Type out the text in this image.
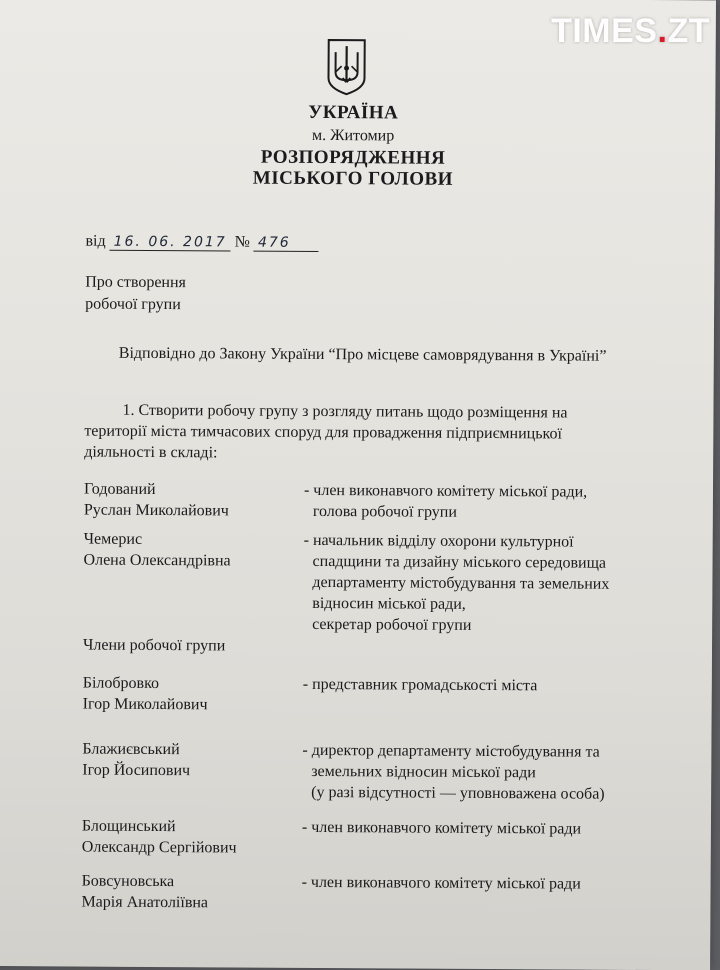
УКРАЇНА
м. Житомир
РОЗПОРЯДЖЕННЯ
МІСЬКОГО ГОЛОВИ
від 16. 06. 2017 № 476
Про створення
робочої групи
Відповідно до Закону України “Про місцеве самоврядування в Україні”
1. Створити робочу групу з розгляду питань щодо розміщення на
території міста тимчасових споруд для провадження підприємницької
діяльності в складі:
Годований
Руслан Миколайович
- член виконавчого комітету міської ради,
голова робочої групи
Чемерис
Олена Олександрівна
- начальник відділу охорони культурної
спадщини та дизайну міського середовища
департаменту містобудування та земельних
відносин міської ради,
секретар робочої групи
Члени робочої групи
Білобровко
Ігор Миколайович
- представник громадськості міста
Блажиєвський
Ігор Йосипович
- директор департаменту містобудування та
земельних відносин міської ради
(у разі відсутності — уповноважена особа)
Блощинський
Олександр Сергійович
- член виконавчого комітету міської ради
Бовсуновська
Марія Анатоліївна
- член виконавчого комітету міської ради
TIMES.ZT
